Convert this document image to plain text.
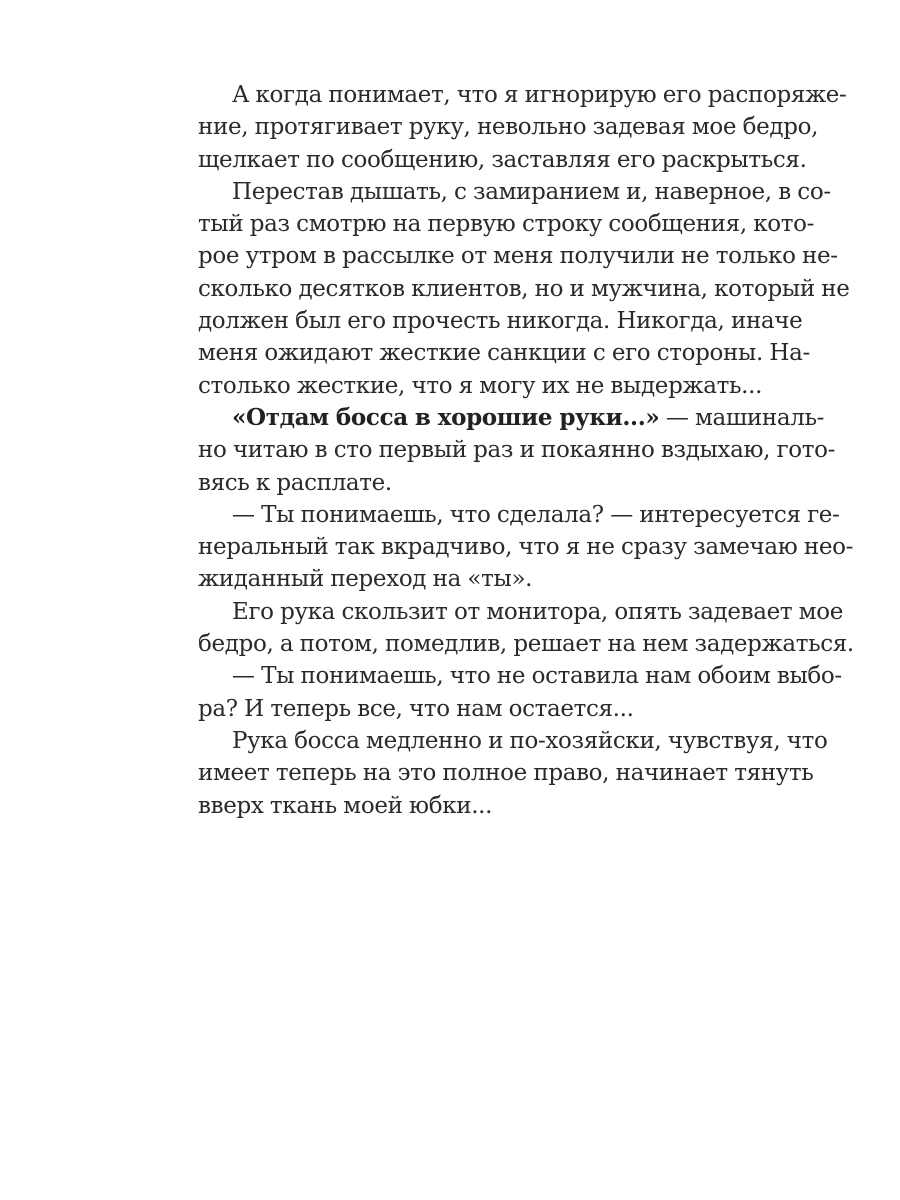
А когда понимает, что я игнорирую его распоряже-
ние, протягивает руку, невольно задевая мое бедро,
щелкает по сообщению, заставляя его раскрыться.
Перестав дышать, с замиранием и, наверное, в со-
тый раз смотрю на первую строку сообщения, кото-
рое утром в рассылке от меня получили не только не-
сколько десятков клиентов, но и мужчина, который не
должен был его прочесть никогда. Никогда, иначе
меня ожидают жесткие санкции с его стороны. На-
столько жесткие, что я могу их не выдержать...
«Отдам босса в хорошие руки...» — машиналь-
но читаю в сто первый раз и покаянно вздыхаю, гото-
вясь к расплате.
— Ты понимаешь, что сделала? — интересуется ге-
неральный так вкрадчиво, что я не сразу замечаю нео-
жиданный переход на «ты».
Его рука скользит от монитора, опять задевает мое
бедро, а потом, помедлив, решает на нем задержаться.
— Ты понимаешь, что не оставила нам обоим выбо-
ра? И теперь все, что нам остается...
Рука босса медленно и по-хозяйски, чувствуя, что
имеет теперь на это полное право, начинает тянуть
вверх ткань моей юбки...
